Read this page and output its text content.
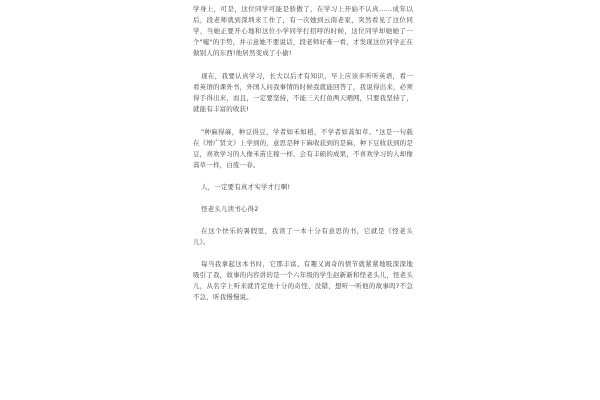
学身上，可是，这位同学可能是骄傲了，在学习上开始不认真……成年以后，段老师就到深圳来工作了，有一次她到云南老家，突然看见了这位同学，当她正要开心地和这位小学同学打招呼的时候，这位同学却她她了一个"嘘"的手势，并示意她不要说话，段老师好难一看，才发现这位同学正在做别人的东西!他居然变成了小偷!

现在，我要认真学习，长大以后才有知识，早上应该多听听英语，看一看英语的课外书，外国人问我事情的时候我就能回答了，我说得出来，必须得手得出来，而且，一定要坚持，不能三天打鱼两天晒网，只要我坚持了，就能有丰富的收获!

"种麻得麻，种豆得豆，学者如禾如稻，不学者如蒿如草。"这是一句载在《增广贤文》上学到的，意思是种下麻收获到的是麻，种下豆收获到的是豆，喜欢学习的人像禾苗庄稼一样，会有丰硕的成果，不喜欢学习的人却像蒿草一样，白废一春。

人，一定要有真才实学才行啊!

怪老头儿读书心得2

在这个快乐的暑假里，我读了一本十分有意思的书，它就是《怪老头儿》。

每当我拿起这本书时，它那丰富、有趣又离奇的情节就紧紧地吸深深地吸引了我，故事的内容讲的是一个六年级的学生赵新新和怪老头儿，怪老头儿，从名字上听来就肯定他十分的奇怪、没错，想听一听他的故事吗?不急不急，听我慢慢说。
